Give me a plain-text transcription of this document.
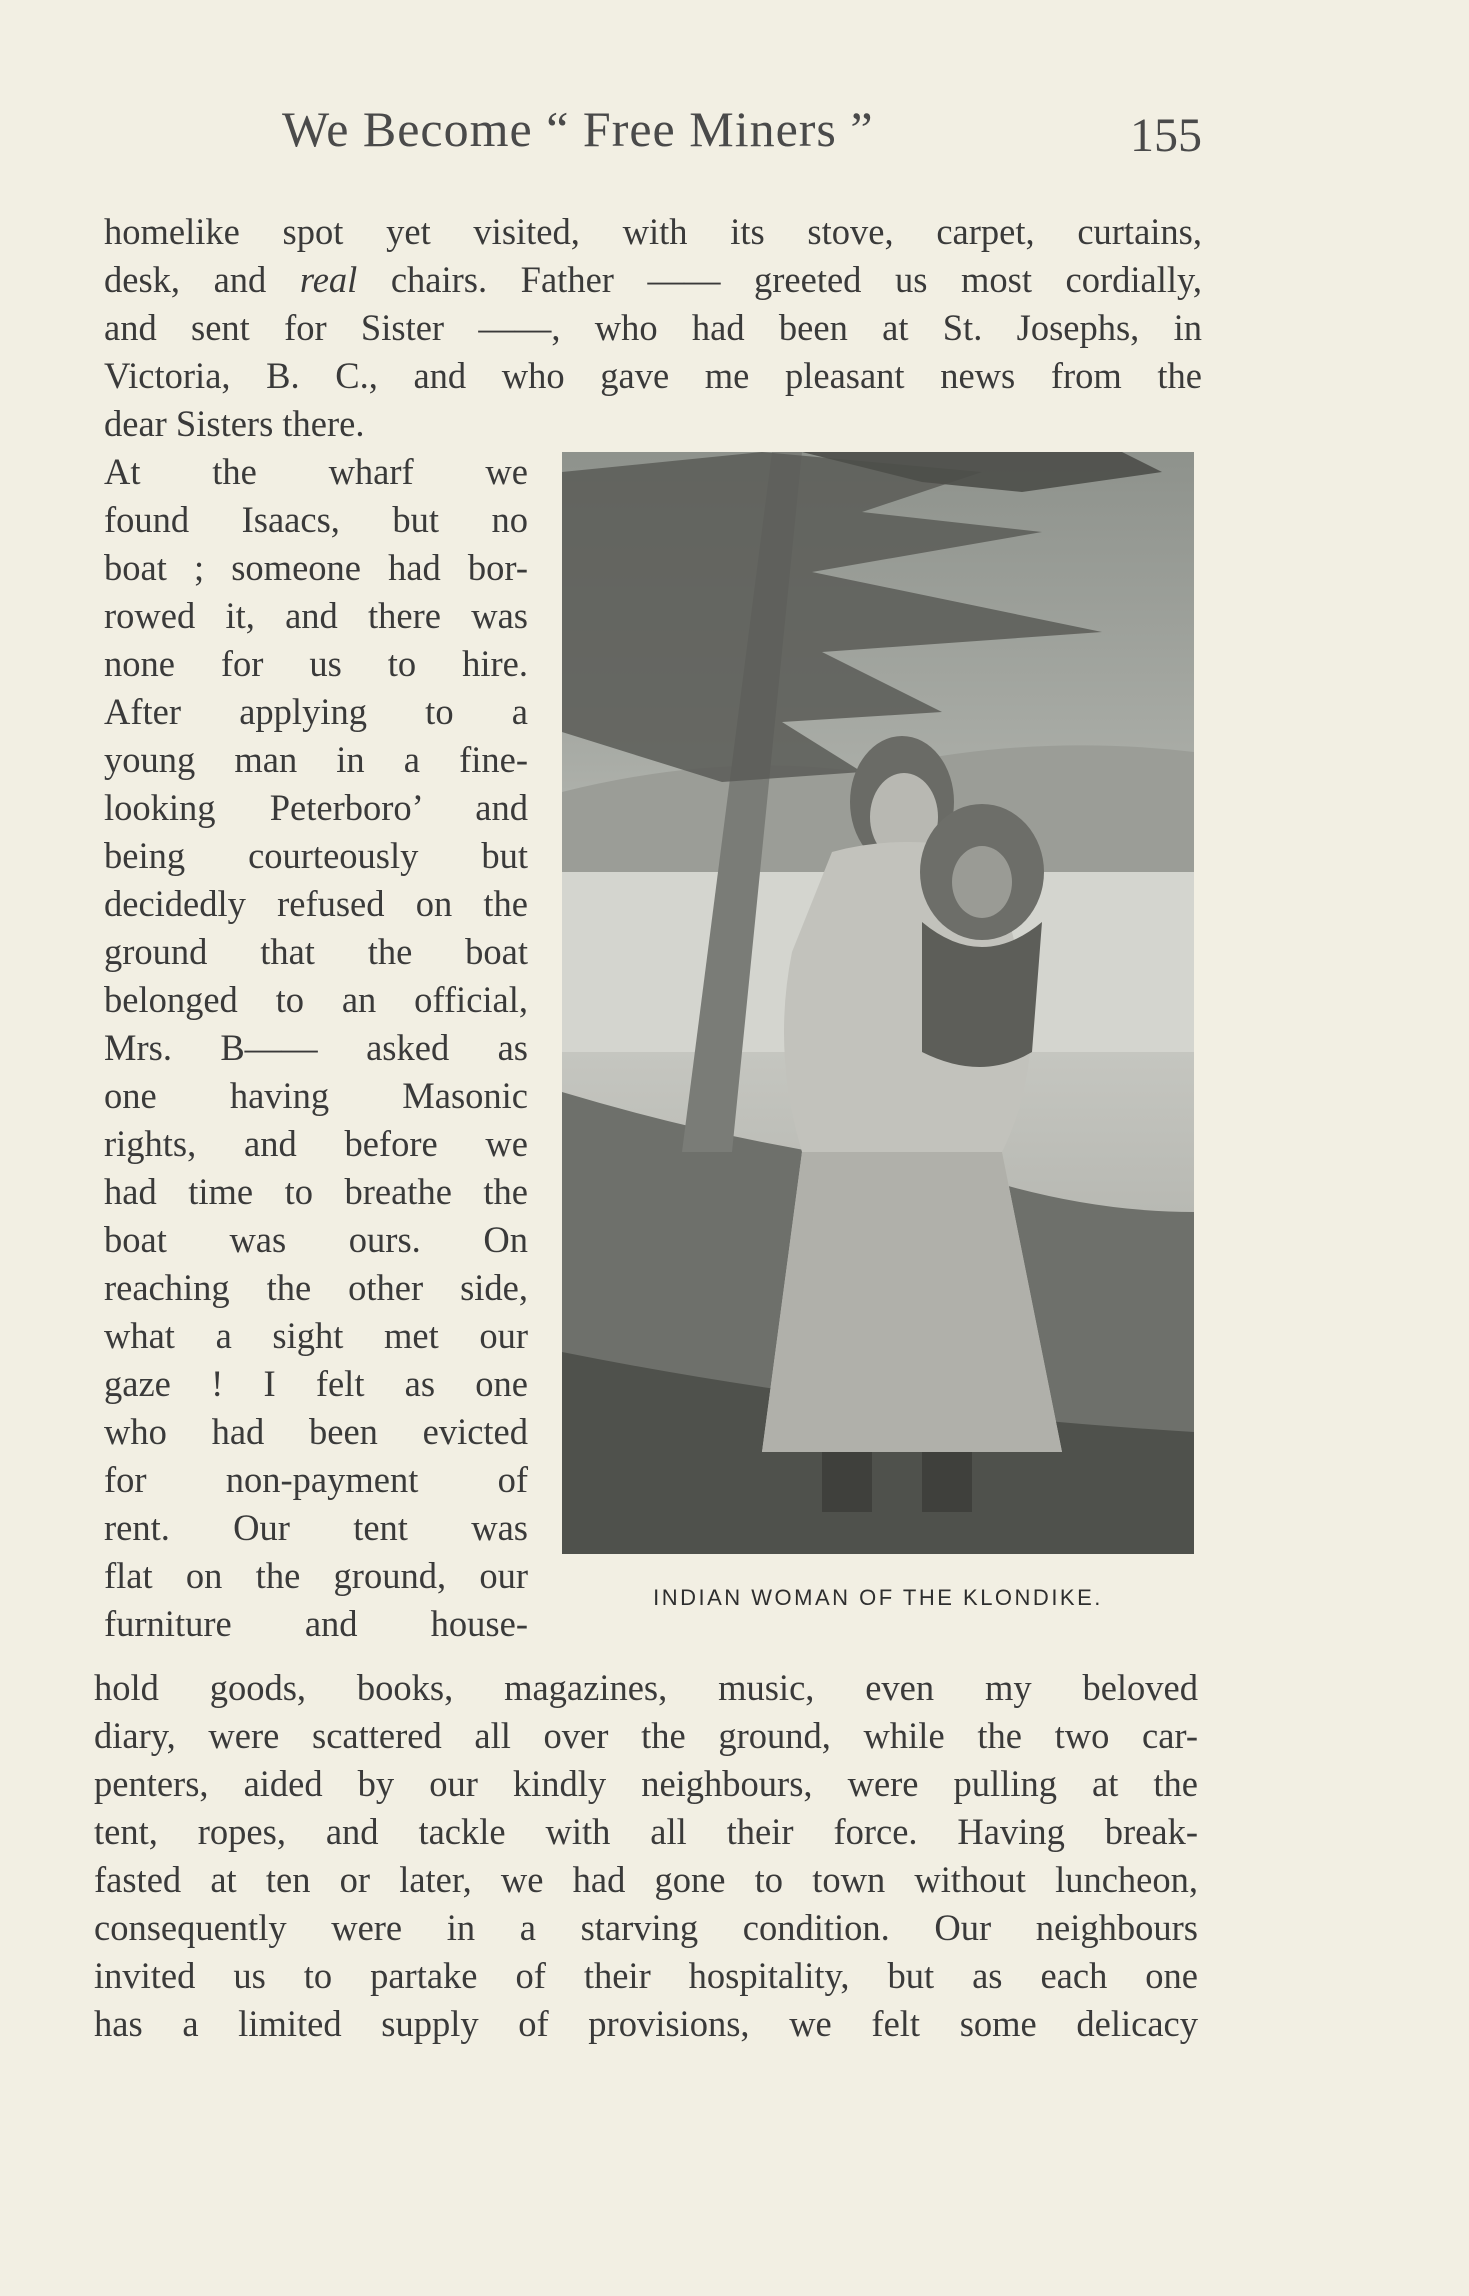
We Become “ Free Miners ”	155
homelike spot yet visited, with its stove, carpet, curtains,
desk, and real chairs. Father —— greeted us most cordially,
and sent for Sister ——, who had been at St. Josephs, in
Victoria, B. C., and who gave me pleasant news from the
dear Sisters there.
At the wharf we
found Isaacs, but no
boat ; someone had bor-
rowed it, and there was
none for us to hire.
After applying to a
young man in a fine-
looking Peterboro’ and
being courteously but
decidedly refused on the
ground that the boat
belonged to an official,
Mrs. B—— asked as
one having Masonic
rights, and before we
had time to breathe the
boat was ours. On
reaching the other side,
what a sight met our
gaze ! I felt as one
who had been evicted
for non-payment of
rent. Our tent was
flat on the ground, our
furniture and house-
INDIAN WOMAN OF THE KLONDIKE.
hold goods, books, magazines, music, even my beloved
diary, were scattered all over the ground, while the two car-
penters, aided by our kindly neighbours, were pulling at the
tent, ropes, and tackle with all their force. Having break-
fasted at ten or later, we had gone to town without luncheon,
consequently were in a starving condition. Our neighbours
invited us to partake of their hospitality, but as each one
has a limited supply of provisions, we felt some delicacy
